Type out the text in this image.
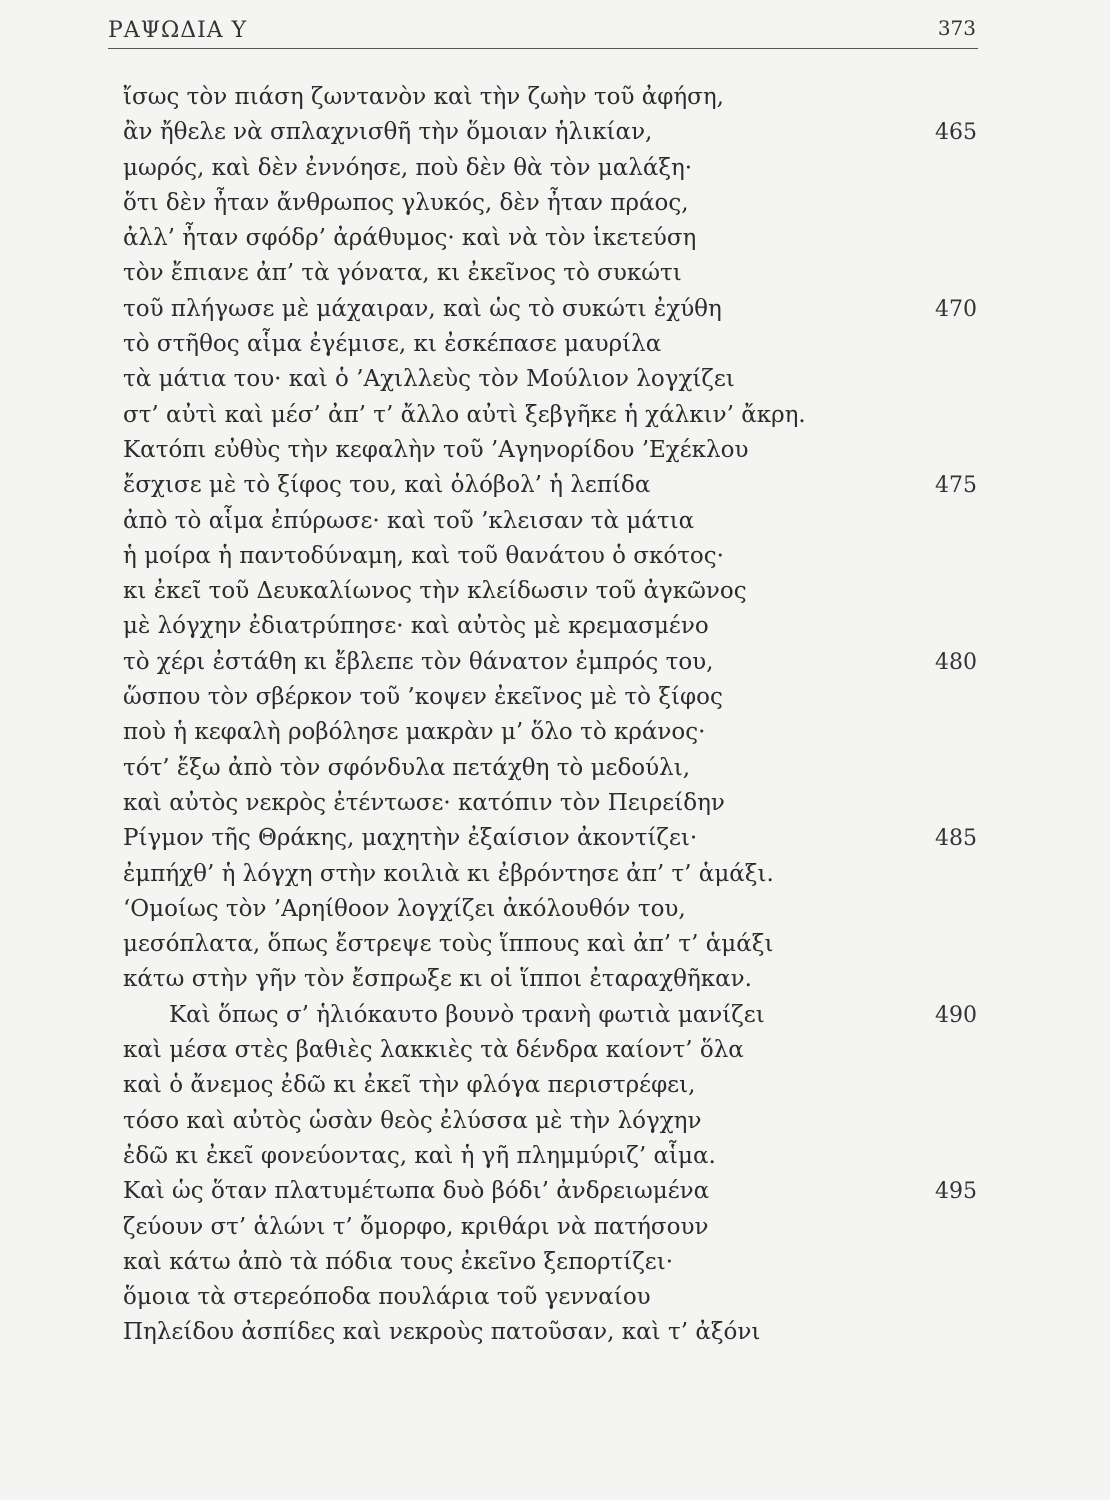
ΡΑΨΩΔΙΑ Υ	373
ἴσως τὸν πιάση ζωντανὸν καὶ τὴν ζωὴν τοῦ ἀφήση,
ἂν ἤθελε νὰ σπλαχνισθῆ τὴν ὅμοιαν ἡλικίαν,	465
μωρός, καὶ δὲν ἐννόησε, ποὺ δὲν θὰ τὸν μαλάξη·
ὅτι δὲν ἦταν ἄνθρωπος γλυκός, δὲν ἦταν πράος,
ἀλλ’ ἦταν σφόδρ’ ἀράθυμος· καὶ νὰ τὸν ἱκετεύση
τὸν ἔπιανε ἀπ’ τὰ γόνατα, κι ἐκεῖνος τὸ συκώτι
τοῦ πλήγωσε μὲ μάχαιραν, καὶ ὡς τὸ συκώτι ἐχύθη	470
τὸ στῆθος αἷμα ἐγέμισε, κι ἐσκέπασε μαυρίλα
τὰ μάτια του· καὶ ὁ ’Αχιλλεὺς τὸν Μούλιον λογχίζει
στ’ αὐτὶ καὶ μέσ’ ἀπ’ τ’ ἄλλο αὐτὶ ξεβγῆκε ἡ χάλκιν’ ἄκρη.
Κατόπι εὐθὺς τὴν κεφαλὴν τοῦ ’Αγηνορίδου ’Εχέκλου
ἔσχισε μὲ τὸ ξίφος του, καὶ ὁλόβολ’ ἡ λεπίδα	475
ἀπὸ τὸ αἷμα ἐπύρωσε· καὶ τοῦ ’κλεισαν τὰ μάτια
ἡ μοίρα ἡ παντοδύναμη, καὶ τοῦ θανάτου ὁ σκότος·
κι ἐκεῖ τοῦ Δευκαλίωνος τὴν κλείδωσιν τοῦ ἀγκῶνος
μὲ λόγχην ἐδιατρύπησε· καὶ αὐτὸς μὲ κρεμασμένο
τὸ χέρι ἐστάθη κι ἔβλεπε τὸν θάνατον ἐμπρός του,	480
ὥσπου τὸν σβέρκον τοῦ ’κοψεν ἐκεῖνος μὲ τὸ ξίφος
ποὺ ἡ κεφαλὴ ροβόλησε μακρὰν μ’ ὅλο τὸ κράνος·
τότ’ ἔξω ἀπὸ τὸν σφόνδυλα πετάχθη τὸ μεδούλι,
καὶ αὐτὸς νεκρὸς ἐτέντωσε· κατόπιν τὸν Πειρείδην
Ρίγμον τῆς Θράκης, μαχητὴν ἐξαίσιον ἀκοντίζει·	485
ἐμπήχθ’ ἡ λόγχη στὴν κοιλιὰ κι ἐβρόντησε ἀπ’ τ’ ἁμάξι.
‘Ομοίως τὸν ’Αρηίθοον λογχίζει ἀκόλουθόν του,
μεσόπλατα, ὅπως ἔστρεψε τοὺς ἵππους καὶ ἀπ’ τ’ ἁμάξι
κάτω στὴν γῆν τὸν ἔσπρωξε κι οἱ ἵπποι ἐταραχθῆκαν.
Καὶ ὅπως σ’ ἡλιόκαυτο βουνὸ τρανὴ φωτιὰ μανίζει	490
καὶ μέσα στὲς βαθιὲς λακκιὲς τὰ δένδρα καίοντ’ ὅλα
καὶ ὁ ἄνεμος ἐδῶ κι ἐκεῖ τὴν φλόγα περιστρέφει,
τόσο καὶ αὐτὸς ὡσὰν θεὸς ἐλύσσα μὲ τὴν λόγχην
ἐδῶ κι ἐκεῖ φονεύοντας, καὶ ἡ γῆ πλημμύριζ’ αἷμα.
Καὶ ὡς ὅταν πλατυμέτωπα δυὸ βόδι’ ἀνδρειωμένα	495
ζεύουν στ’ ἁλώνι τ’ ὄμορφο, κριθάρι νὰ πατήσουν
καὶ κάτω ἀπὸ τὰ πόδια τους ἐκεῖνο ξεπορτίζει·
ὅμοια τὰ στερεόποδα πουλάρια τοῦ γενναίου
Πηλείδου ἀσπίδες καὶ νεκροὺς πατοῦσαν, καὶ τ’ ἀξόνι
